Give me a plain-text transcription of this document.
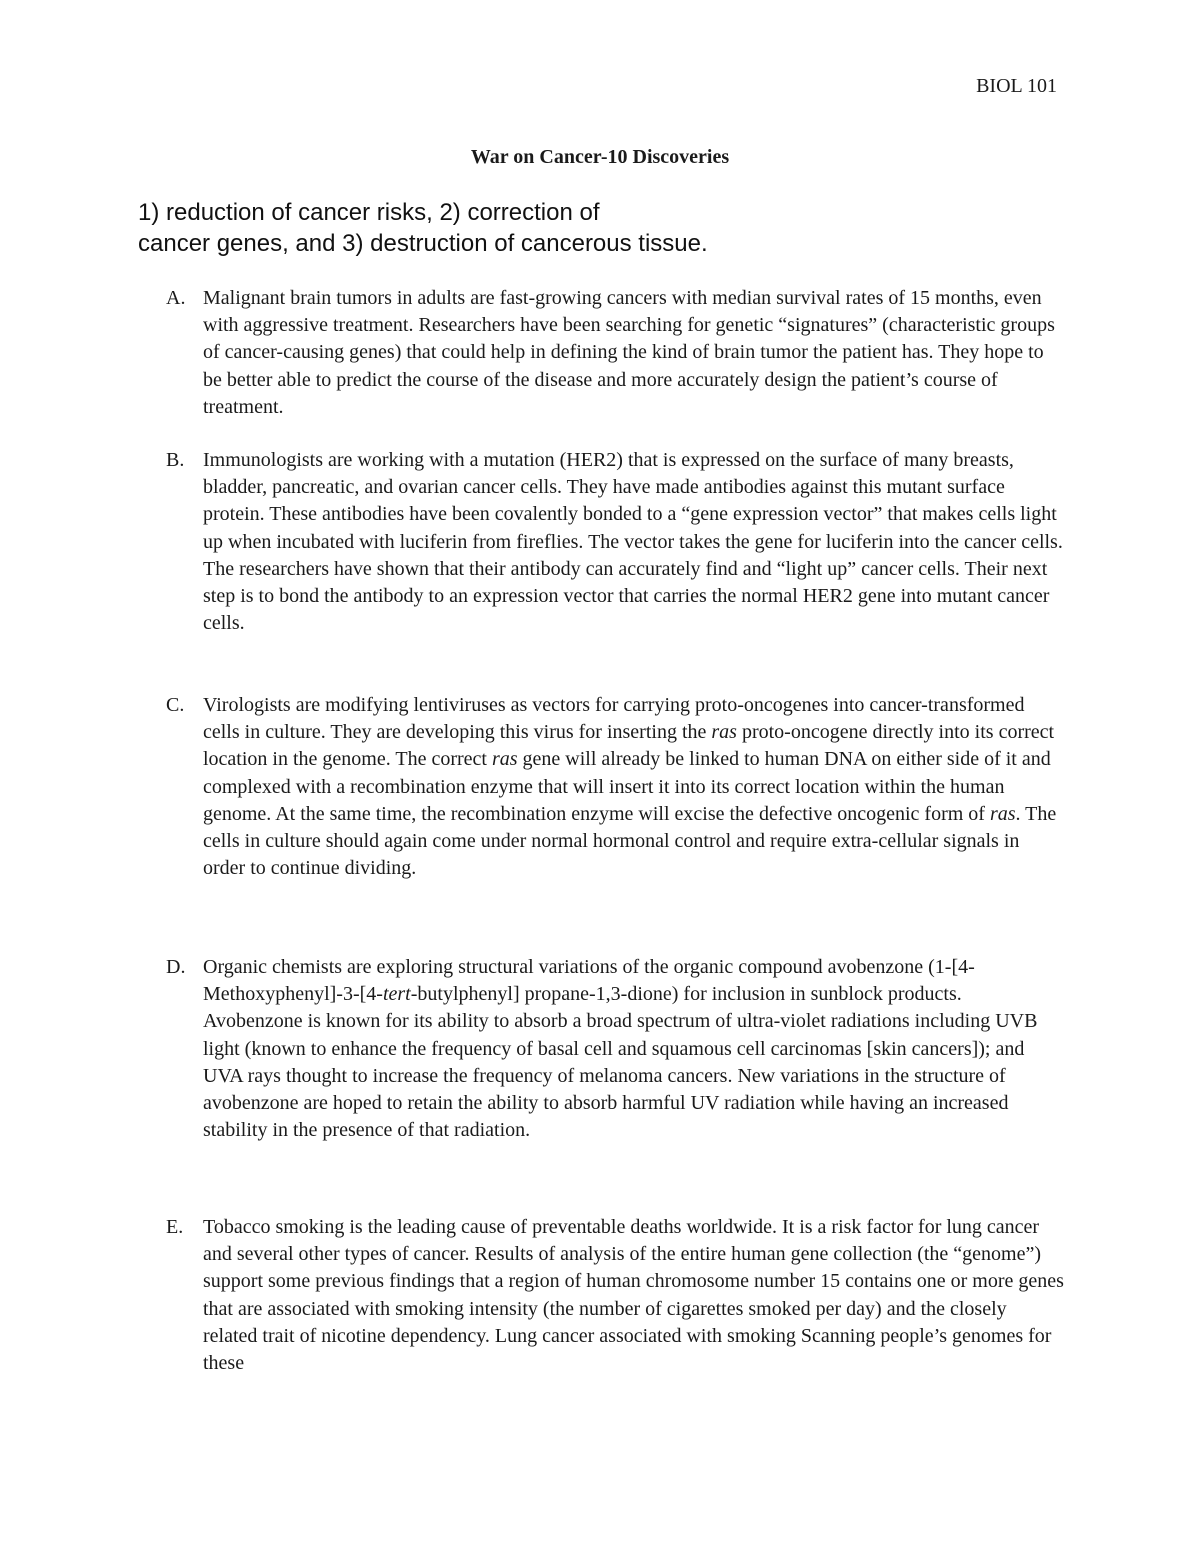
BIOL 101
War on Cancer-10 Discoveries
1) reduction of cancer risks, 2) correction of
cancer genes, and 3) destruction of cancerous tissue.
A. Malignant brain tumors in adults are fast-growing cancers with median survival rates of 15 months, even with aggressive treatment. Researchers have been searching for genetic “signatures” (characteristic groups of cancer-causing genes) that could help in defining the kind of brain tumor the patient has. They hope to be better able to predict the course of the disease and more accurately design the patient’s course of treatment.
B. Immunologists are working with a mutation (HER2) that is expressed on the surface of many breasts, bladder, pancreatic, and ovarian cancer cells. They have made antibodies against this mutant surface protein. These antibodies have been covalently bonded to a “gene expression vector” that makes cells light up when incubated with luciferin from fireflies. The vector takes the gene for luciferin into the cancer cells. The researchers have shown that their antibody can accurately find and “light up” cancer cells. Their next step is to bond the antibody to an expression vector that carries the normal HER2 gene into mutant cancer cells.
C. Virologists are modifying lentiviruses as vectors for carrying proto-oncogenes into cancer-transformed cells in culture. They are developing this virus for inserting the ras proto-oncogene directly into its correct location in the genome. The correct ras gene will already be linked to human DNA on either side of it and complexed with a recombination enzyme that will insert it into its correct location within the human genome. At the same time, the recombination enzyme will excise the defective oncogenic form of ras. The cells in culture should again come under normal hormonal control and require extra-cellular signals in order to continue dividing.
D. Organic chemists are exploring structural variations of the organic compound avobenzone (1-[4-Methoxyphenyl]-3-[4-tert-butylphenyl] propane-1,3-dione) for inclusion in sunblock products. Avobenzone is known for its ability to absorb a broad spectrum of ultra-violet radiations including UVB light (known to enhance the frequency of basal cell and squamous cell carcinomas [skin cancers]); and UVA rays thought to increase the frequency of melanoma cancers. New variations in the structure of avobenzone are hoped to retain the ability to absorb harmful UV radiation while having an increased stability in the presence of that radiation.
E. Tobacco smoking is the leading cause of preventable deaths worldwide. It is a risk factor for lung cancer and several other types of cancer. Results of analysis of the entire human gene collection (the “genome”) support some previous findings that a region of human chromosome number 15 contains one or more genes that are associated with smoking intensity (the number of cigarettes smoked per day) and the closely related trait of nicotine dependency. Lung cancer associated with smoking Scanning people’s genomes for these
